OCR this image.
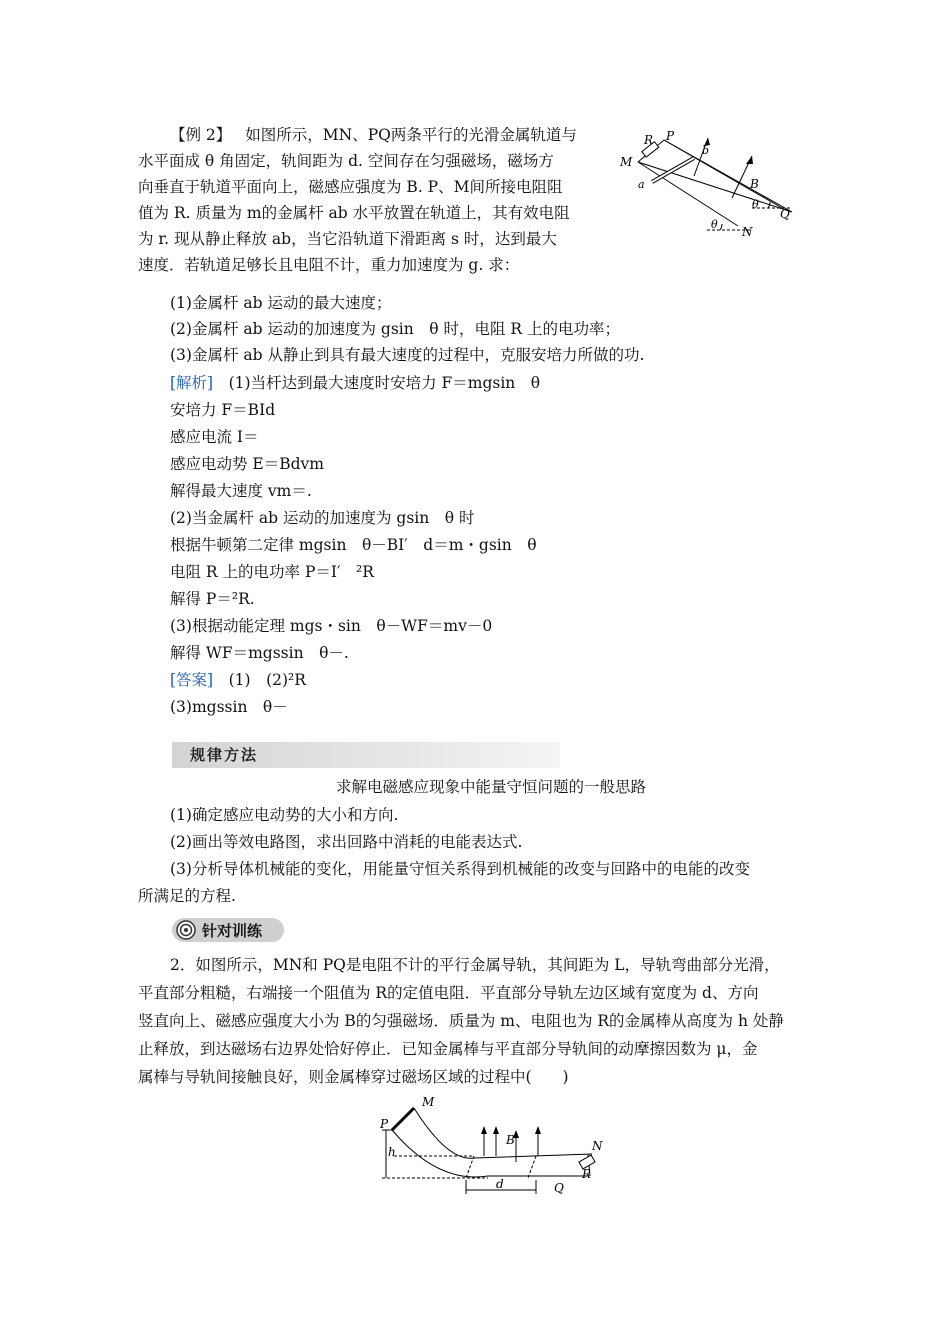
【例 2】 如图所示，MN、PQ两条平行的光滑金属轨道与
水平面成 θ 角固定，轨间距为 d. 空间存在匀强磁场，磁场方
向垂直于轨道平面向上，磁感应强度为 B. P、M间所接电阻阻
值为 R. 质量为 m的金属杆 ab 水平放置在轨道上，其有效电阻
为 r. 现从静止释放 ab，当它沿轨道下滑距离 s 时，达到最大
速度．若轨道足够长且电阻不计，重力加速度为 g. 求：
(1)金属杆 ab 运动的最大速度；
(2)金属杆 ab 运动的加速度为 gsin　θ 时，电阻 R 上的电功率；
(3)金属杆 ab 从静止到具有最大速度的过程中，克服安培力所做的功.
M
P
R
a
b
B
θ
θ
Q
N
[解析]　(1)当杆达到最大速度时安培力 F＝mgsin　θ
安培力 F＝BId
感应电流 I＝
感应电动势 E＝Bdvm
解得最大速度 vm＝.
(2)当金属杆 ab 运动的加速度为 gsin　θ 时
根据牛顿第二定律 mgsin　θ－BI′　d＝m・gsin　θ
电阻 R 上的电功率 P＝I′　²R
解得 P＝²R.
(3)根据动能定理 mgs・sin　θ－WF＝mv－0
解得 WF＝mgssin　θ－.
[答案]　(1)　(2)²R
(3)mgssin　θ－
规律方法
求解电磁感应现象中能量守恒问题的一般思路
(1)确定感应电动势的大小和方向.
(2)画出等效电路图，求出回路中消耗的电能表达式.
(3)分析导体机械能的变化，用能量守恒关系得到机械能的改变与回路中的电能的改变
所满足的方程.
针对训练
2．如图所示，MN和 PQ是电阻不计的平行金属导轨，其间距为 L，导轨弯曲部分光滑，
平直部分粗糙，右端接一个阻值为 R的定值电阻．平直部分导轨左边区域有宽度为 d、方向
竖直向上、磁感应强度大小为 B的匀强磁场．质量为 m、电阻也为 R的金属棒从高度为 h 处静
止释放，到达磁场右边界处恰好停止．已知金属棒与平直部分导轨间的动摩擦因数为 μ，金
属棒与导轨间接触良好，则金属棒穿过磁场区域的过程中(　　)
M
P
B	N
R
h
d	Q
